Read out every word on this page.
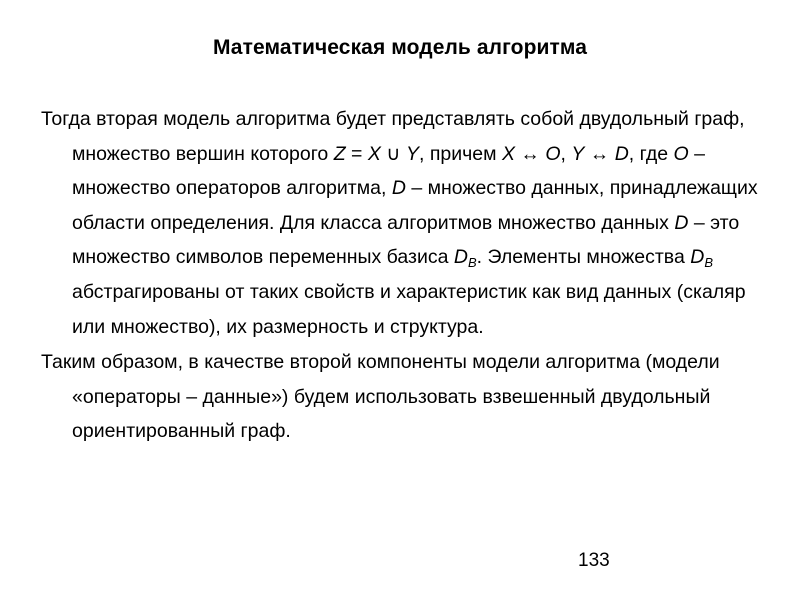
Математическая модель алгоритма

Тогда вторая модель алгоритма будет представлять собой двудольный граф, множество вершин которого Z = X ∪ Y, причем X ↔ O, Y ↔ D, где O – множество операторов алгоритма, D – множество данных, принадлежащих области определения. Для класса алгоритмов множество данных D – это множество символов переменных базиса $D_B$. Элементы множества $D_B$ абстрагированы от таких свойств и характеристик как вид данных (скаляр или множество), их размерность и структура.

Таким образом, в качестве второй компоненты модели алгоритма (модели «операторы – данные») будем использовать взвешенный двудольный ориентированный граф.

133
